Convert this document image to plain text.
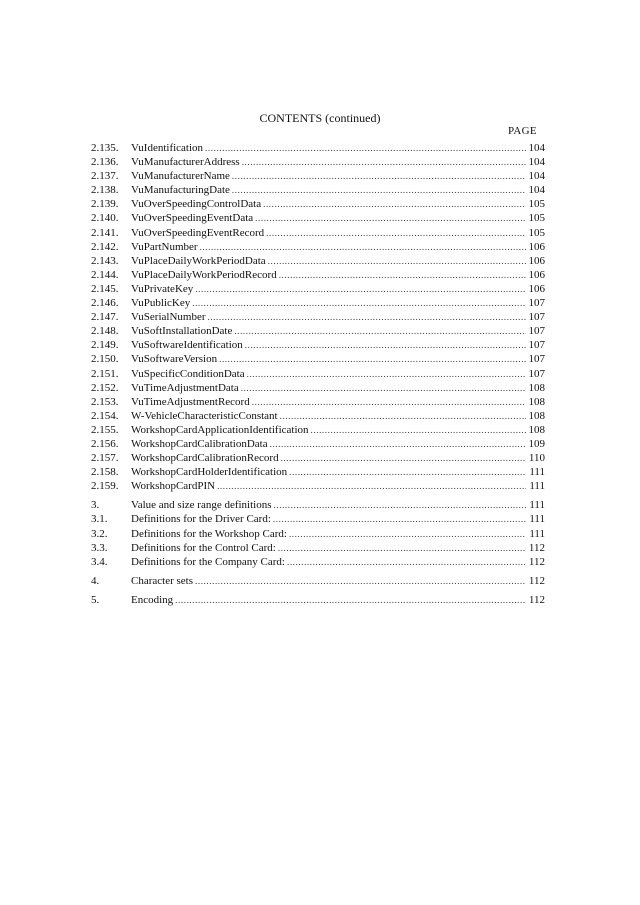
CONTENTS (continued)
PAGE
2.135.	VuIdentification .....	104
2.136.	VuManufacturerAddress .....	104
2.137.	VuManufacturerName .....	104
2.138.	VuManufacturingDate .....	104
2.139.	VuOverSpeedingControlData .....	105
2.140.	VuOverSpeedingEventData .....	105
2.141.	VuOverSpeedingEventRecord .....	105
2.142.	VuPartNumber .....	106
2.143.	VuPlaceDailyWorkPeriodData .....	106
2.144.	VuPlaceDailyWorkPeriodRecord .....	106
2.145.	VuPrivateKey .....	106
2.146.	VuPublicKey .....	107
2.147.	VuSerialNumber .....	107
2.148.	VuSoftInstallationDate .....	107
2.149.	VuSoftwareIdentification .....	107
2.150.	VuSoftwareVersion .....	107
2.151.	VuSpecificConditionData .....	107
2.152.	VuTimeAdjustmentData .....	108
2.153.	VuTimeAdjustmentRecord .....	108
2.154.	W-VehicleCharacteristicConstant .....	108
2.155.	WorkshopCardApplicationIdentification .....	108
2.156.	WorkshopCardCalibrationData .....	109
2.157.	WorkshopCardCalibrationRecord .....	110
2.158.	WorkshopCardHolderIdentification .....	111
2.159.	WorkshopCardPIN .....	111
3.	Value and size range definitions .....	111
3.1.	Definitions for the Driver Card: .....	111
3.2.	Definitions for the Workshop Card: .....	111
3.3.	Definitions for the Control Card: .....	112
3.4.	Definitions for the Company Card: .....	112
4.	Character sets .....	112
5.	Encoding .....	112
